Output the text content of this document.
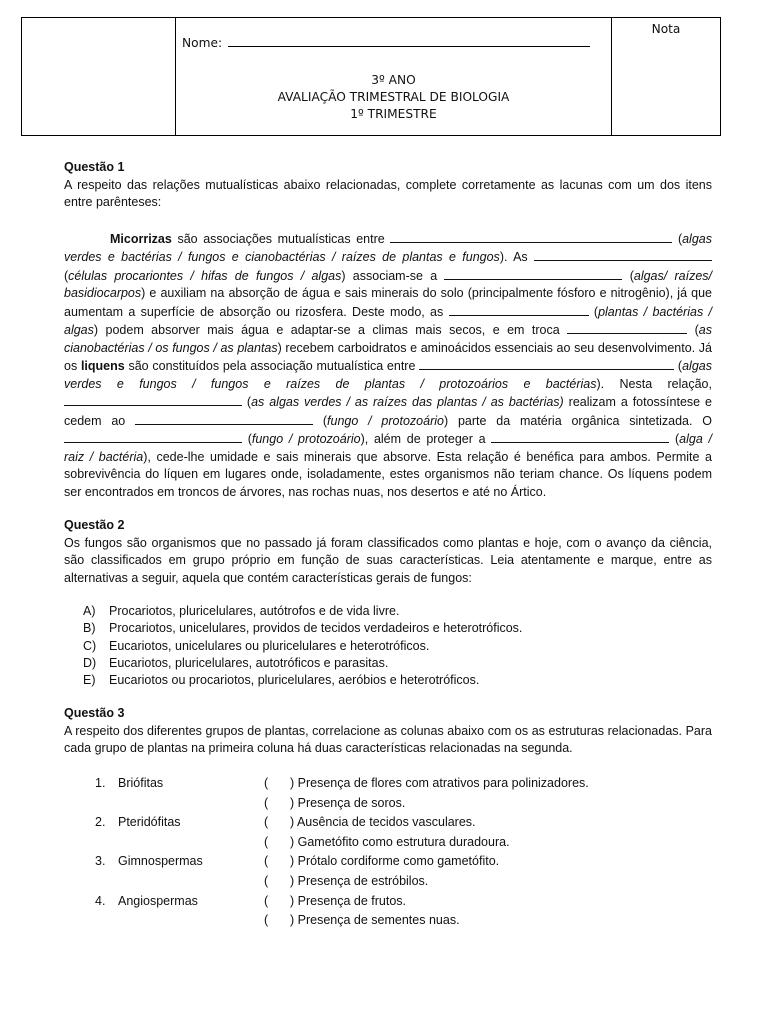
Nome:
3º ANO
AVALIAÇÃO TRIMESTRAL DE BIOLOGIA
1º TRIMESTRE
Nota

Questão 1

A respeito das relações mutualísticas abaixo relacionadas, complete corretamente as lacunas com um dos itens entre parênteses:

Micorrizas são associações mutualísticas entre	(algas verdes e bactérias / fungos e cianobactérias / raízes de plantas e fungos). As  (células procariontes / hifas de fungos / algas) associam-se a	(algas/ raízes/ basidiocarpos) e auxiliam na absorção de água e sais minerais do solo (principalmente fósforo e nitrogênio), já que aumentam a superfície de absorção ou rizosfera. Deste modo, as	(plantas / bactérias / algas) podem absorver mais água e adaptar-se a climas mais secos, e em troca	(as cianobactérias / os fungos / as plantas) recebem carboidratos e aminoácidos essenciais ao seu desenvolvimento. Já os liquens são constituídos pela associação mutualística entre	(algas verdes e fungos / fungos e raízes de plantas / protozoários e bactérias). Nesta relação,  (as algas verdes / as raízes das plantas / as bactérias) realizam a fotossíntese e cedem ao	(fungo / protozoário) parte da matéria orgânica sintetizada. O  (fungo / protozoário), além de proteger a	(alga / raiz / bactéria), cede-lhe umidade e sais minerais que absorve. Esta relação é benéfica para ambos. Permite a sobrevivência do líquen em lugares onde, isoladamente, estes organismos não teriam chance. Os líquens podem ser encontrados em troncos de árvores, nas rochas nuas, nos desertos e até no Ártico.

Questão 2

Os fungos são organismos que no passado já foram classificados como plantas e hoje, com o avanço da ciência, são classificados em grupo próprio em função de suas características. Leia atentamente e marque, entre as alternativas a seguir, aquela que contém características gerais de fungos:

A)	Procariotos, pluricelulares, autótrofos e de vida livre.
B)	Procariotos, unicelulares, providos de tecidos verdadeiros e heterotróficos.
C)	Eucariotos, unicelulares ou pluricelulares e heterotróficos.
D)	Eucariotos, pluricelulares, autotróficos e parasitas.
E)	Eucariotos ou procariotos, pluricelulares, aeróbios e heterotróficos.

Questão 3

A respeito dos diferentes grupos de plantas, correlacione as colunas abaixo com os as estruturas relacionadas. Para cada grupo de plantas na primeira coluna há duas características relacionadas na segunda.

1.	Briófitas	(	) Presença de flores com atrativos para polinizadores.
(	) Presença de soros.
2.	Pteridófitas	(	) Ausência de tecidos vasculares.
(	) Gametófito como estrutura duradoura.
3.	Gimnospermas	(	) Prótalo cordiforme como gametófito.
(	) Presença de estróbilos.
4.	Angiospermas	(	) Presença de frutos.
(	) Presença de sementes nuas.
